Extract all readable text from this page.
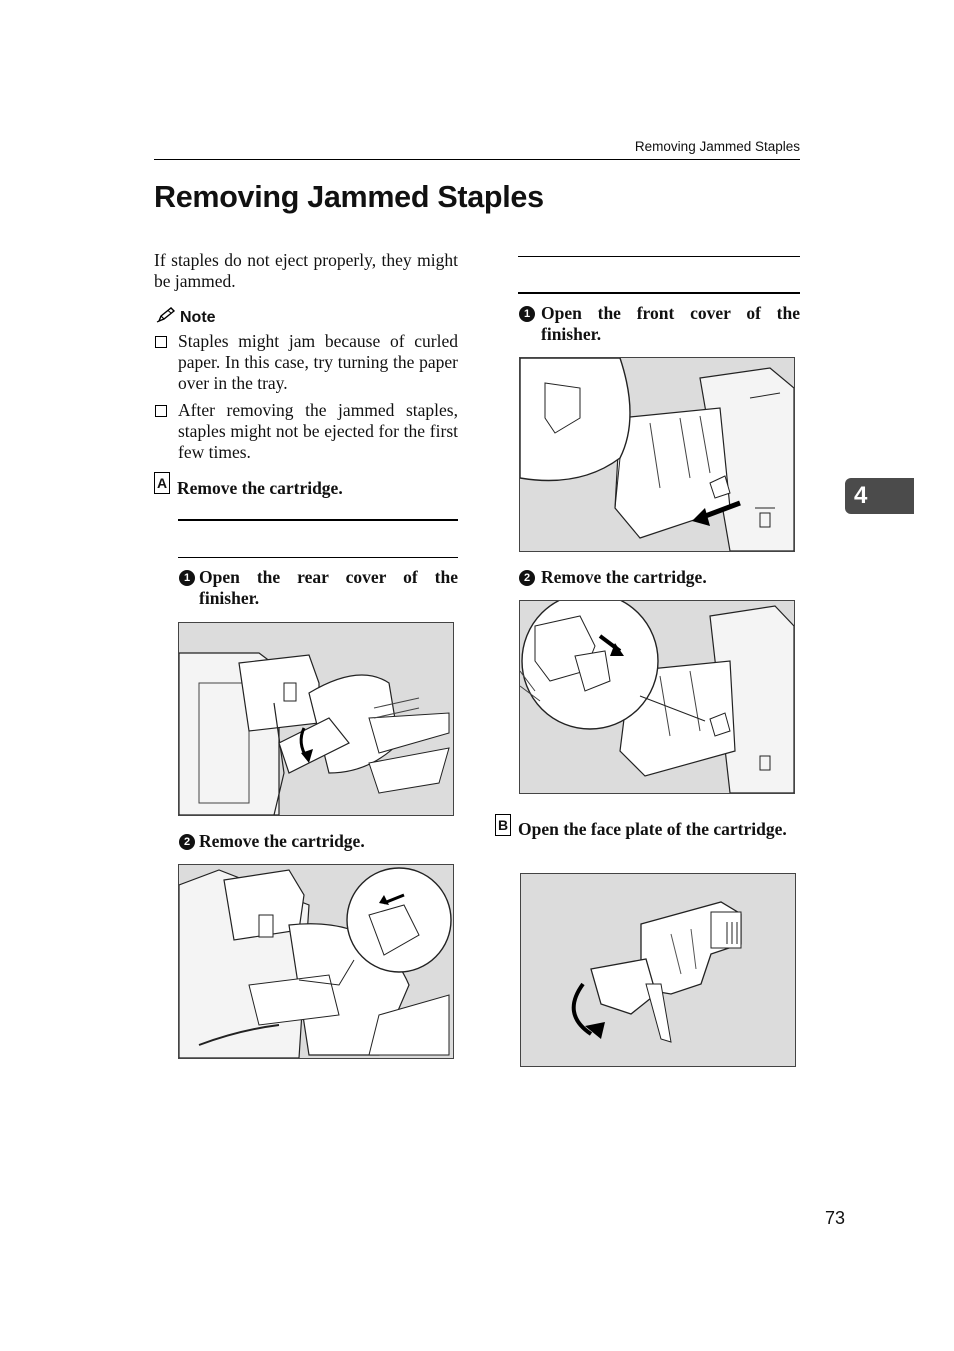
Removing Jammed Staples
Removing Jammed Staples
If staples do not eject properly, they might be jammed.
Note
Staples might jam because of curled paper. In this case, try turning the paper over in the tray.
After removing the jammed staples, staples might not be ejected for the first few times.
A Remove the cartridge.
1 Open the rear cover of the finisher.
2 Remove the cartridge.
B Open the face plate of the cartridge.
1 Open the front cover of the finisher.
2 Remove the cartridge.
4
73
